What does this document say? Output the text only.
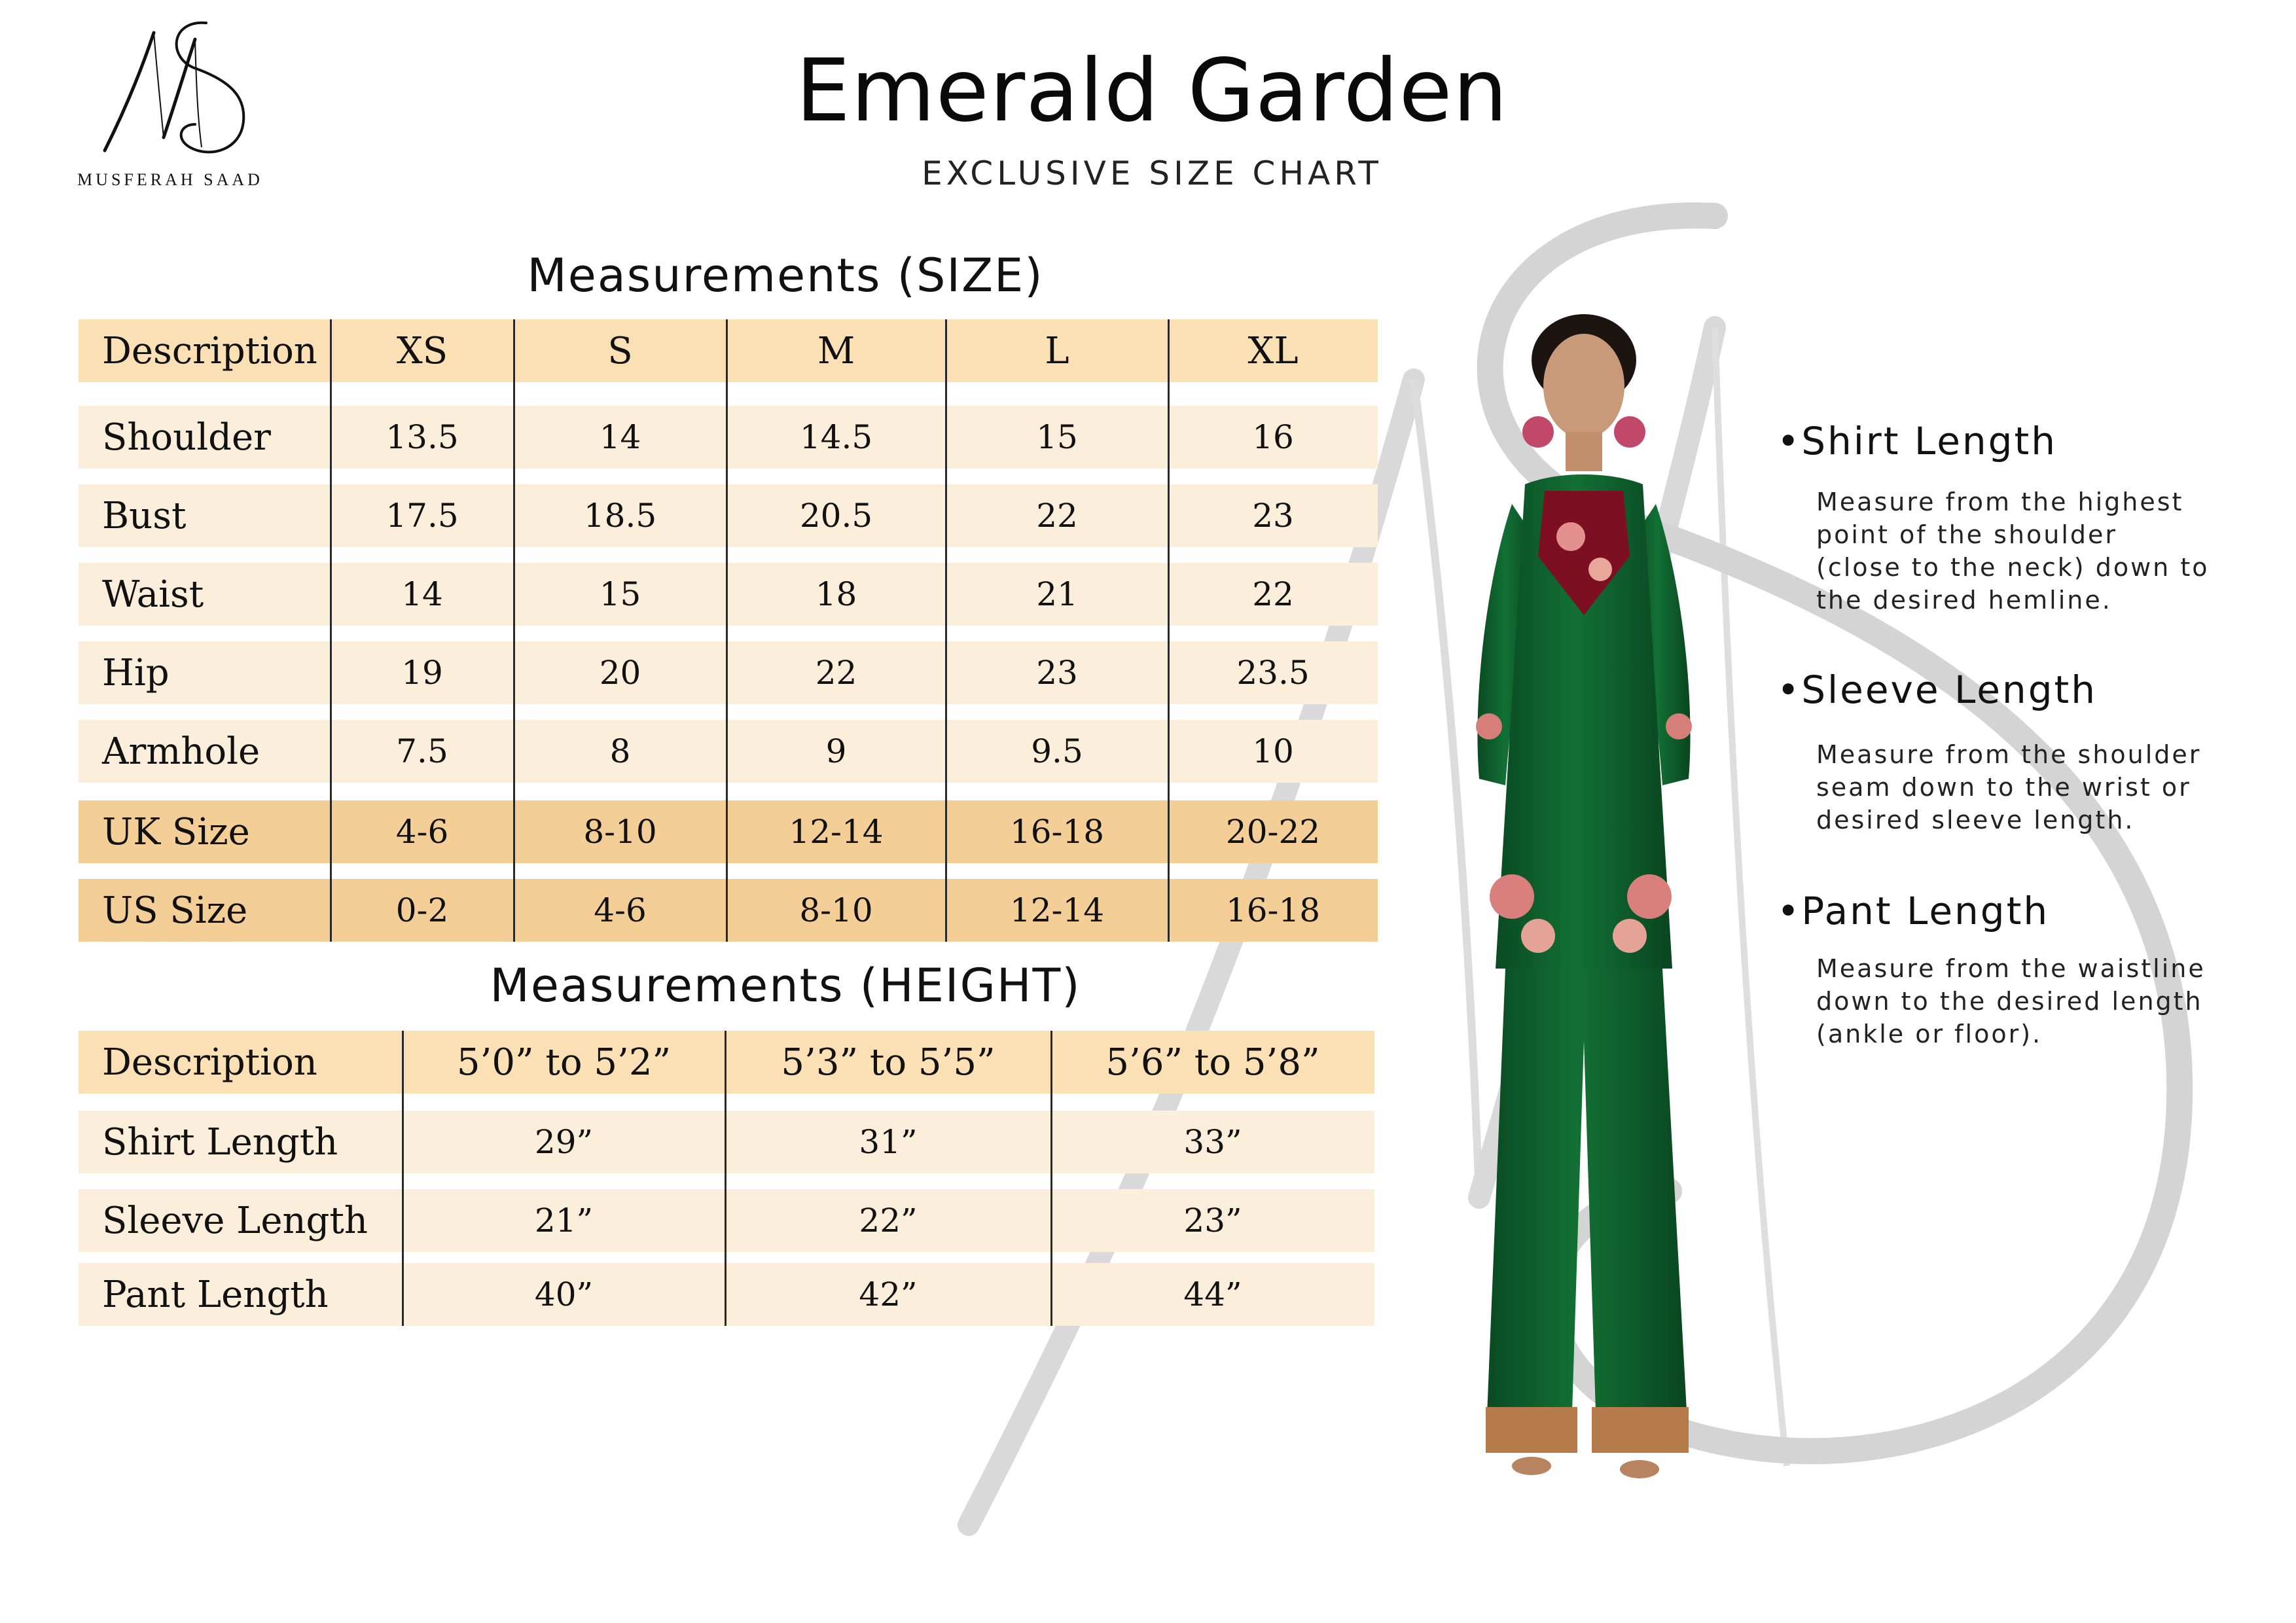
MUSFERAH SAAD
Emerald Garden
EXCLUSIVE SIZE CHART
Measurements (SIZE)
Description	XS	S	M	L	XL
Shoulder	13.5	14	14.5	15	16
Bust	17.5	18.5	20.5	22	23
Waist	14	15	18	21	22
Hip	19	20	22	23	23.5
Armhole	7.5	8	9	9.5	10
UK Size	4-6	8-10	12-14	16-18	20-22
US Size	0-2	4-6	8-10	12-14	16-18
Measurements (HEIGHT)
Description	5’0” to 5’2”	5’3” to 5’5”	5’6” to 5’8”
Shirt Length	29”	31”	33”
Sleeve Length	21”	22”	23”
Pant Length	40”	42”	44”
•Shirt Length
Measure from the highest
point of the shoulder
(close to the neck) down to
the desired hemline.
•Sleeve Length
Measure from the shoulder
seam down to the wrist or
desired sleeve length.
•Pant Length
Measure from the waistline
down to the desired length
(ankle or floor).
